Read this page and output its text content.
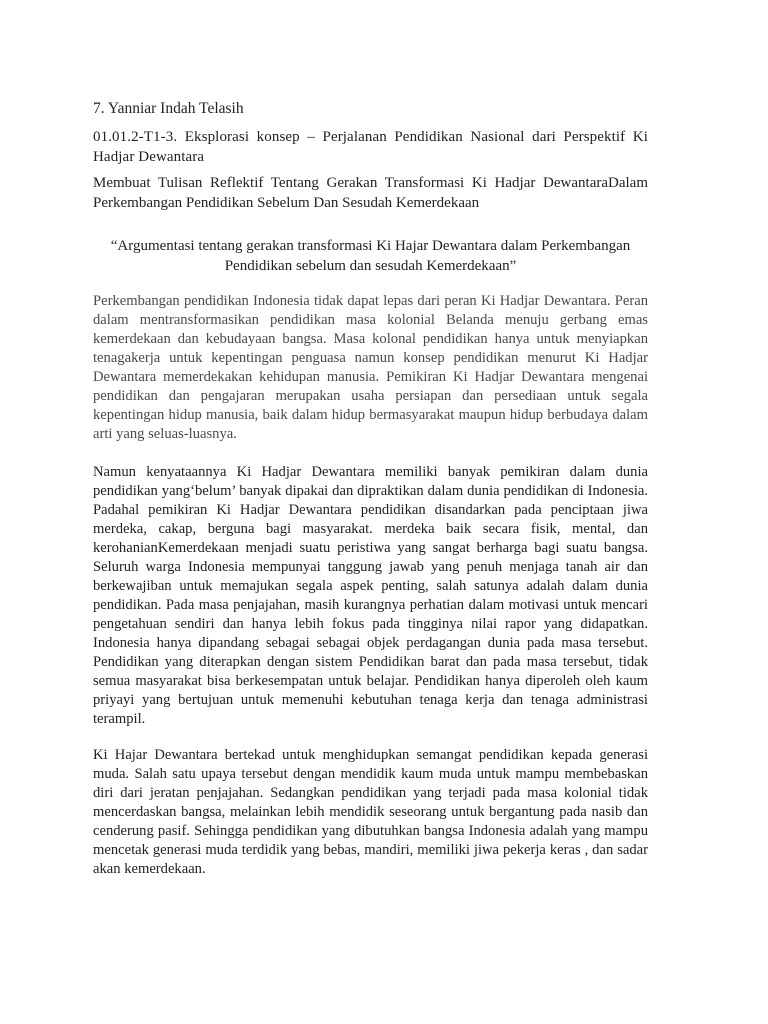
7. Yanniar Indah Telasih
01.01.2-T1-3. Eksplorasi konsep – Perjalanan Pendidikan Nasional dari Perspektif Ki Hadjar Dewantara
Membuat Tulisan Reflektif Tentang Gerakan Transformasi Ki Hadjar DewantaraDalam Perkembangan Pendidikan Sebelum Dan Sesudah Kemerdekaan
“Argumentasi tentang gerakan transformasi Ki Hajar Dewantara dalam Perkembangan Pendidikan sebelum dan sesudah Kemerdekaan”
Perkembangan pendidikan Indonesia tidak dapat lepas dari peran Ki Hadjar Dewantara. Peran dalam mentransformasikan pendidikan masa kolonial Belanda menuju gerbang emas kemerdekaan dan kebudayaan bangsa. Masa kolonal pendidikan hanya untuk menyiapkan tenagakerja untuk kepentingan penguasa namun konsep pendidikan menurut Ki Hadjar Dewantara memerdekakan kehidupan manusia. Pemikiran Ki Hadjar Dewantara mengenai pendidikan dan pengajaran merupakan usaha persiapan dan persediaan untuk segala kepentingan hidup manusia, baik dalam hidup bermasyarakat maupun hidup berbudaya dalam arti yang seluas-luasnya.
Namun kenyataannya Ki Hadjar Dewantara memiliki banyak pemikiran dalam dunia pendidikan yang‘belum’ banyak dipakai dan dipraktikan dalam dunia pendidikan di Indonesia. Padahal pemikiran Ki Hadjar Dewantara pendidikan disandarkan pada penciptaan jiwa merdeka, cakap, berguna bagi masyarakat. merdeka baik secara fisik, mental, dan kerohanianKemerdekaan menjadi suatu peristiwa yang sangat berharga bagi suatu bangsa. Seluruh warga Indonesia mempunyai tanggung jawab yang penuh menjaga tanah air dan berkewajiban untuk memajukan segala aspek penting, salah satunya adalah dalam dunia pendidikan. Pada masa penjajahan, masih kurangnya perhatian dalam motivasi untuk mencari pengetahuan sendiri dan hanya lebih fokus pada tingginya nilai rapor yang didapatkan. Indonesia hanya dipandang sebagai sebagai objek perdagangan dunia pada masa tersebut. Pendidikan yang diterapkan dengan sistem Pendidikan barat dan pada masa tersebut, tidak semua masyarakat bisa berkesempatan untuk belajar. Pendidikan hanya diperoleh oleh kaum priyayi yang bertujuan untuk memenuhi kebutuhan tenaga kerja dan tenaga administrasi terampil.
Ki Hajar Dewantara bertekad untuk menghidupkan semangat pendidikan kepada generasi muda. Salah satu upaya tersebut dengan mendidik kaum muda untuk mampu membebaskan diri dari jeratan penjajahan. Sedangkan pendidikan yang terjadi pada masa kolonial tidak mencerdaskan bangsa, melainkan lebih mendidik seseorang untuk bergantung pada nasib dan cenderung pasif. Sehingga pendidikan yang dibutuhkan bangsa Indonesia adalah yang mampu mencetak generasi muda terdidik yang bebas, mandiri, memiliki jiwa pekerja keras , dan sadar akan kemerdekaan.
